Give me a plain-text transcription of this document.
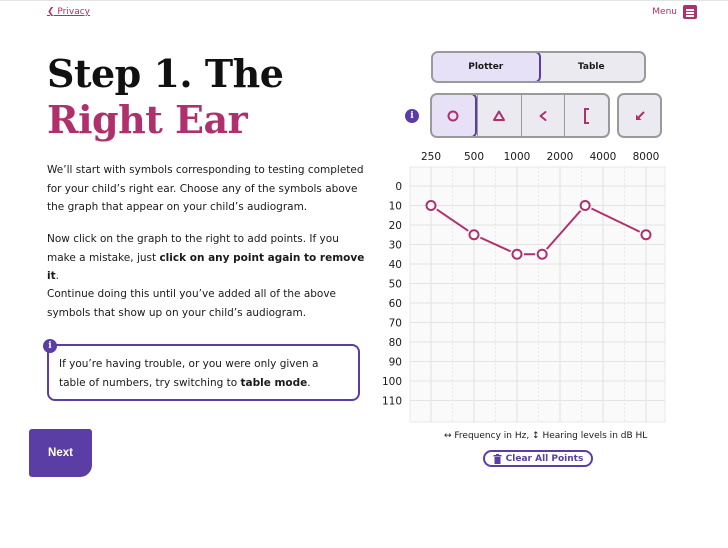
❮ Privacy	Menu
Step 1. The
Right Ear

We’ll start with symbols corresponding to testing completed for your child’s right ear. Choose any of the symbols above the graph that appear on your child’s audiogram.

Now click on the graph to the right to add points. If you make a mistake, just click on any point again to remove it.

Continue doing this until you’ve added all of the above symbols that show up on your child’s audiogram.

i
If you’re having trouble, or you were only given a table of numbers, try switching to table mode.
Next
Plotter	Table
i
250 500 1000 2000 4000 8000
0
10
20
30
40
50
60
70
80
90
100
110
↔ Frequency in Hz, ↕ Hearing levels in dB HL
Clear All Points
